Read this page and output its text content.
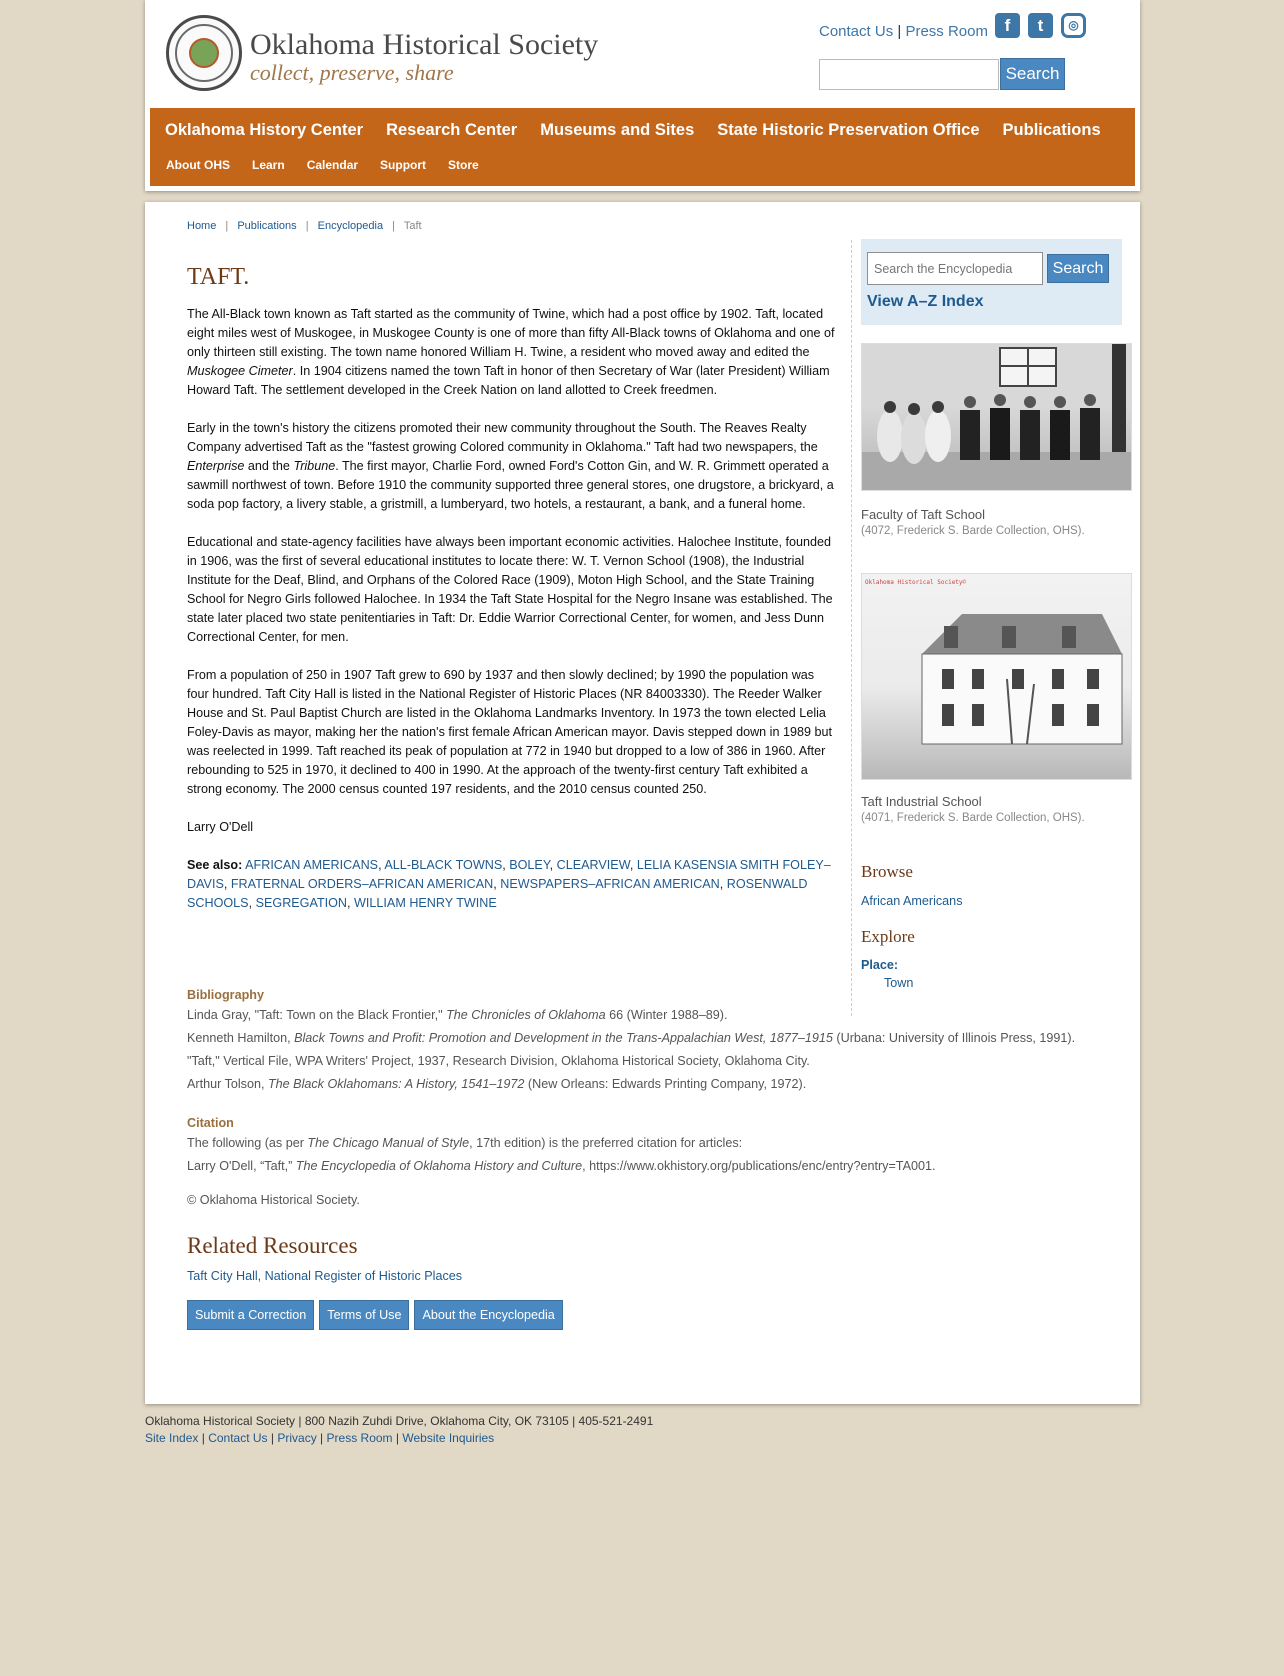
Oklahoma Historical Society
collect, preserve, share
Contact Us | Press Room f	t	◎
Search
Oklahoma History Center Research Center Museums and Sites State Historic Preservation Office Publications
About OHS Learn Calendar Support Store
Home | Publications | Encyclopedia | Taft
TAFT.

The All-Black town known as Taft started as the community of Twine, which had a post office by 1902. Taft, located eight miles west of Muskogee, in Muskogee County is one of more than fifty All-Black towns of Oklahoma and one of only thirteen still existing. The town name honored William H. Twine, a resident who moved away and edited the Muskogee Cimeter. In 1904 citizens named the town Taft in honor of then Secretary of War (later President) William Howard Taft. The settlement developed in the Creek Nation on land allotted to Creek freedmen.

Early in the town's history the citizens promoted their new community throughout the South. The Reaves Realty Company advertised Taft as the "fastest growing Colored community in Oklahoma." Taft had two newspapers, the Enterprise and the Tribune. The first mayor, Charlie Ford, owned Ford's Cotton Gin, and W. R. Grimmett operated a sawmill northwest of town. Before 1910 the community supported three general stores, one drugstore, a brickyard, a soda pop factory, a livery stable, a gristmill, a lumberyard, two hotels, a restaurant, a bank, and a funeral home.

Educational and state-agency facilities have always been important economic activities. Halochee Institute, founded in 1906, was the first of several educational institutes to locate there: W. T. Vernon School (1908), the Industrial Institute for the Deaf, Blind, and Orphans of the Colored Race (1909), Moton High School, and the State Training School for Negro Girls followed Halochee. In 1934 the Taft State Hospital for the Negro Insane was established. The state later placed two state penitentiaries in Taft: Dr. Eddie Warrior Correctional Center, for women, and Jess Dunn Correctional Center, for men.

From a population of 250 in 1907 Taft grew to 690 by 1937 and then slowly declined; by 1990 the population was four hundred. Taft City Hall is listed in the National Register of Historic Places (NR 84003330). The Reeder Walker House and St. Paul Baptist Church are listed in the Oklahoma Landmarks Inventory. In 1973 the town elected Lelia Foley-Davis as mayor, making her the nation's first female African American mayor. Davis stepped down in 1989 but was reelected in 1999. Taft reached its peak of population at 772 in 1940 but dropped to a low of 386 in 1960. After rebounding to 525 in 1970, it declined to 400 in 1990. At the approach of the twenty-first century Taft exhibited a strong economy. The 2000 census counted 197 residents, and the 2010 census counted 250.

Larry O'Dell

See also: AFRICAN AMERICANS, ALL-BLACK TOWNS, BOLEY, CLEARVIEW, LELIA KASENSIA SMITH FOLEY–DAVIS, FRATERNAL ORDERS–AFRICAN AMERICAN, NEWSPAPERS–AFRICAN AMERICAN, ROSENWALD SCHOOLS, SEGREGATION, WILLIAM HENRY TWINE
Bibliography
Linda Gray, "Taft: Town on the Black Frontier," The Chronicles of Oklahoma 66 (Winter 1988–89).
Kenneth Hamilton, Black Towns and Profit: Promotion and Development in the Trans-Appalachian West, 1877–1915 (Urbana: University of Illinois Press, 1991).
"Taft," Vertical File, WPA Writers' Project, 1937, Research Division, Oklahoma Historical Society, Oklahoma City.
Arthur Tolson, The Black Oklahomans: A History, 1541–1972 (New Orleans: Edwards Printing Company, 1972).
Citation
The following (as per The Chicago Manual of Style, 17th edition) is the preferred citation for articles:
Larry O'Dell, “Taft,” The Encyclopedia of Oklahoma History and Culture, https://www.okhistory.org/publications/enc/entry?entry=TA001.
© Oklahoma Historical Society.
Related Resources
Taft City Hall, National Register of Historic Places
Submit a Correction	Terms of Use	About the Encyclopedia
Search the Encyclopedia
Search
View A–Z Index
Faculty of Taft School
(4072, Frederick S. Barde Collection, OHS).
Oklahoma Historical Society©
Taft Industrial School
(4071, Frederick S. Barde Collection, OHS).
Browse
African Americans
Explore
Place:
Town
Oklahoma Historical Society | 800 Nazih Zuhdi Drive, Oklahoma City, OK 73105 | 405-521-2491
Site Index | Contact Us | Privacy | Press Room | Website Inquiries
